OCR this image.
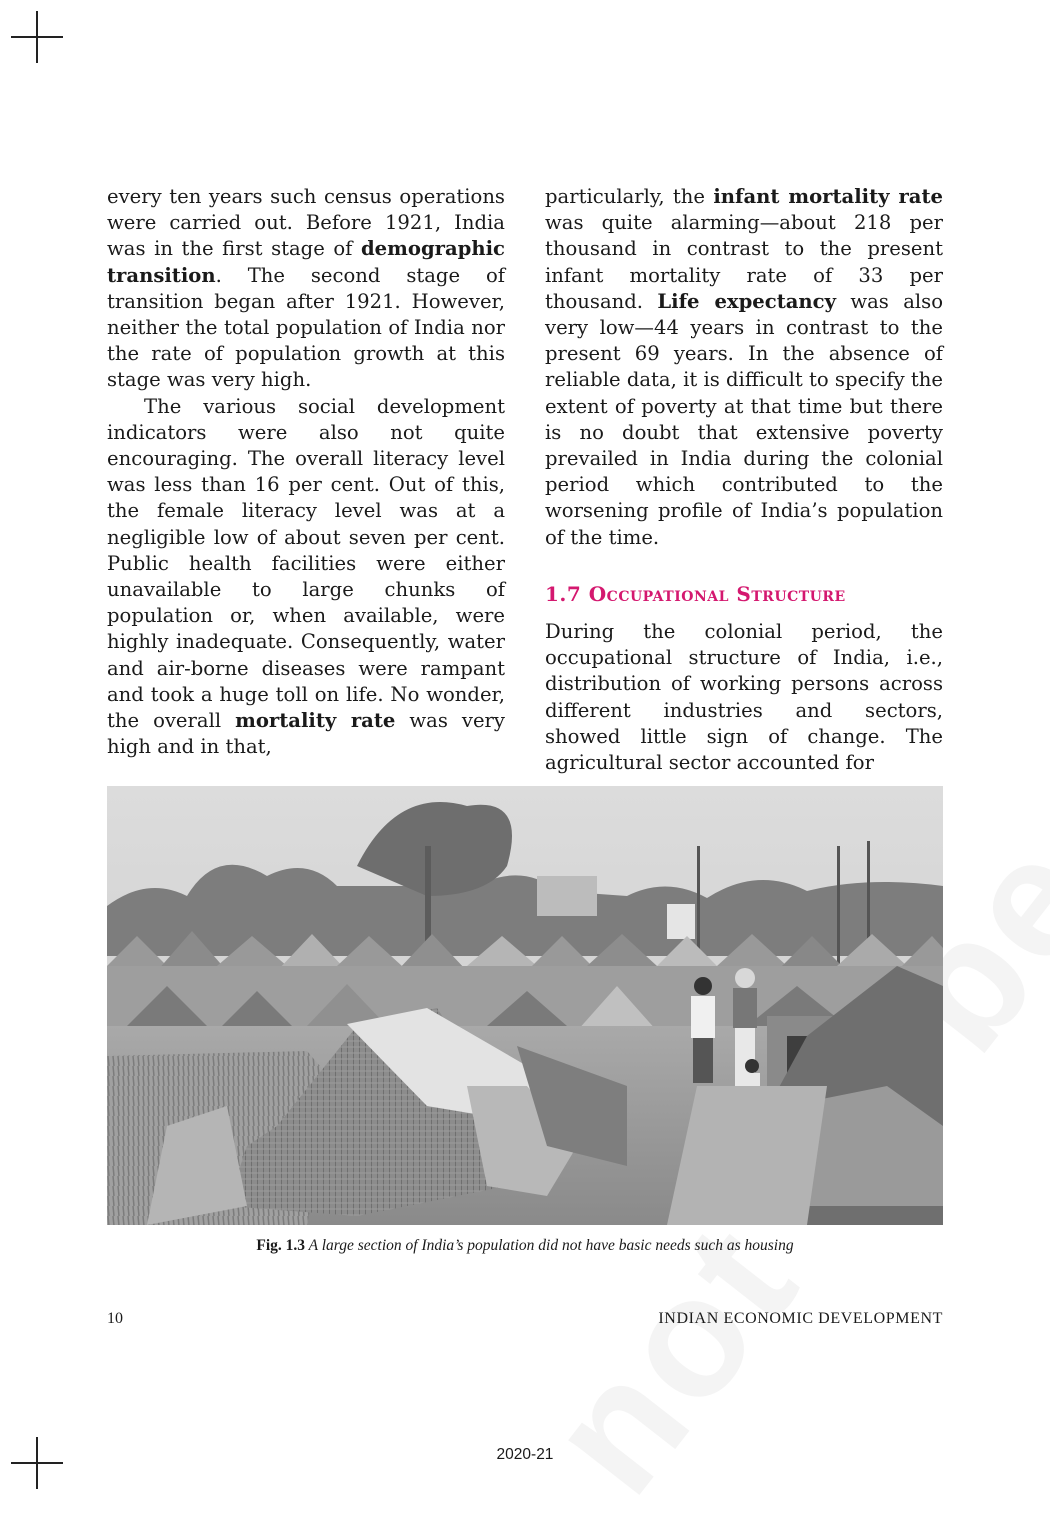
every ten years such census operations were carried out. Before 1921, India was in the first stage of demographic transition. The second stage of transition began after 1921. However, neither the total population of India nor the rate of population growth at this stage was very high.

The various social development indicators were also not quite encouraging. The overall literacy level was less than 16 per cent. Out of this, the female literacy level was at a negligible low of about seven per cent. Public health facilities were either unavailable to large chunks of population or, when available, were highly inadequate. Consequently, water and air-borne diseases were rampant and took a huge toll on life. No wonder, the overall mortality rate was very high and in that,

particularly, the infant mortality rate was quite alarming—about 218 per thousand in contrast to the present infant mortality rate of 33 per thousand. Life expectancy was also very low—44 years in contrast to the present 69 years. In the absence of reliable data, it is difficult to specify the extent of poverty at that time but there is no doubt that extensive poverty prevailed in India during the colonial period which contributed to the worsening profile of India’s population of the time.

1.7 Occupational Structure

During the colonial period, the occupational structure of India, i.e., distribution of working persons across different industries and sectors, showed little sign of change. The agricultural sector accounted for

Fig. 1.3 A large section of India’s population did not have basic needs such as housing
10	INDIAN ECONOMIC DEVELOPMENT
2020-21
